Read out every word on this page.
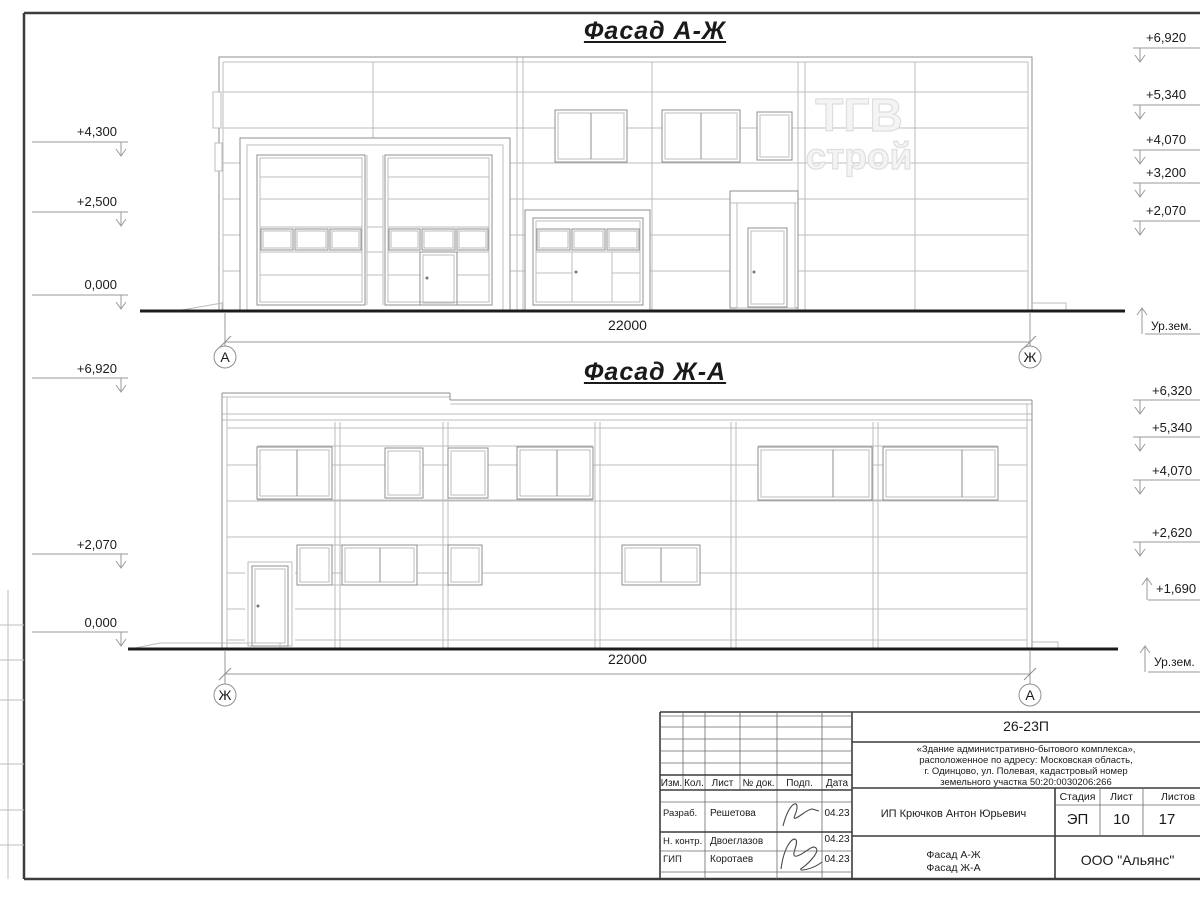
ТГВ
строй
Фасад А-Ж
Фасад Ж-А
+4,300
+2,500
0,000
+6,920
+5,340
+4,070
+3,200
+2,070
Ур.зем.
+6,920
+2,070
0,000
+6,320
+5,340
+4,070
+2,620
+1,690
Ур.зем.
22000
22000
А	Ж
Ж	А
26-23П
«Здание административно-бытового комплекса»,
расположенное по адресу: Московская область,
г. Одинцово, ул. Полевая, кадастровый номер
земельного участка 50:20:0030206:266
Изм. Кол. Лист № док.	Подп.	Дата
Разраб. Решетова	04.23
Н. контр. Двоеглазов	04.23
ГИП	Коротаев	04.23
ИП Крючков Антон Юрьевич
Стадия	Лист	Листов
ЭП	10	17
Фасад А-Ж
Фасад Ж-А	ООО "Альянс"
